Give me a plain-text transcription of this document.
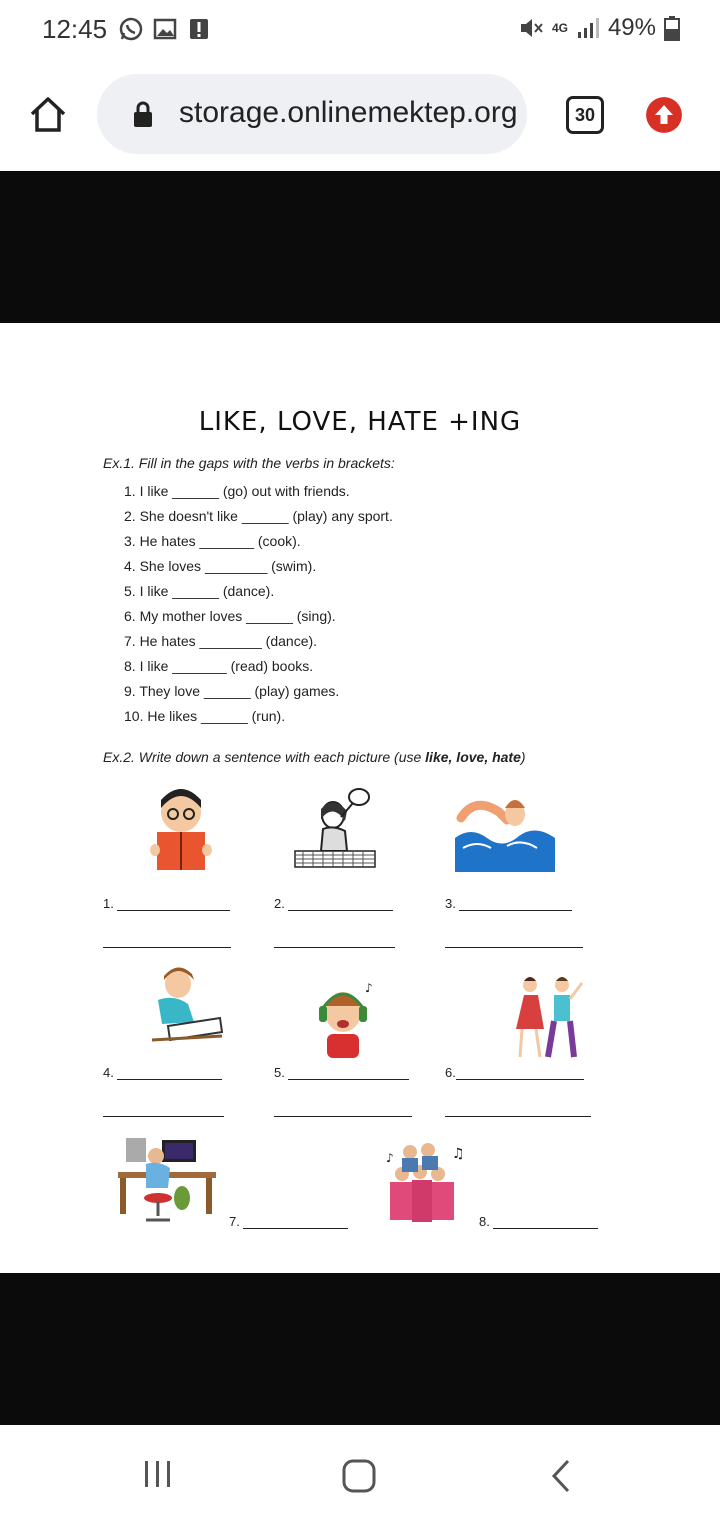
12:45	4G 49%
storage.onlinemektep.org	30
LIKE, LOVE, HATE +ING
Ex.1. Fill in the gaps with the verbs in brackets:
1. I like ______ (go) out with friends.
2. She doesn't like ______ (play) any sport.
3. He hates _______ (cook).
4. She loves ________ (swim).
5. I like ______ (dance).
6. My mother loves ______ (sing).
7. He hates ________ (dance).
8. I like _______ (read) books.
9. They love ______ (play) games.
10. He likes ______ (run).
Ex.2. Write down a sentence with each picture (use like, love, hate)
1.	2.	3.
♪
4.	5.	6.
♫
♪
7.	8.
